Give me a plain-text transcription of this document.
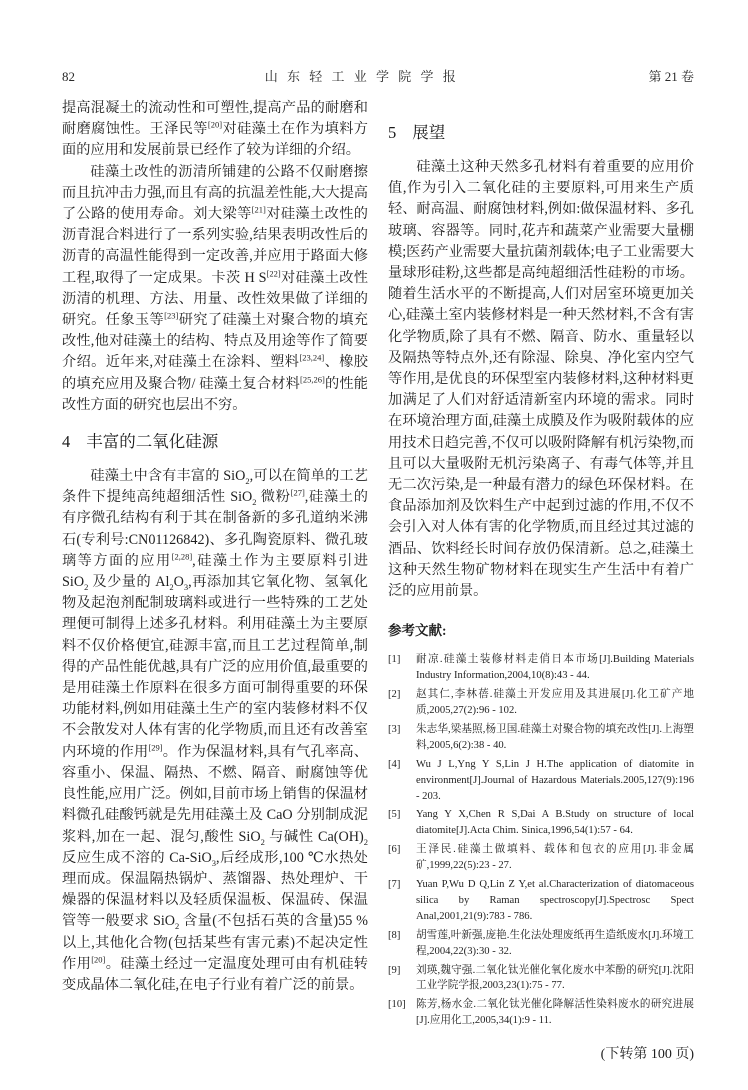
82	山 东 轻 工 业 学 院 学 报	第 21 卷

提高混凝土的流动性和可塑性,提高产品的耐磨和耐磨腐蚀性。王泽民等[20]对硅藻土在作为填料方面的应用和发展前景已经作了较为详细的介绍。

硅藻土改性的沥清所铺建的公路不仅耐磨擦而且抗冲击力强,而且有高的抗温差性能,大大提高了公路的使用寿命。刘大梁等[21]对硅藻土改性的沥青混合料进行了一系列实验,结果表明改性后的沥青的高温性能得到一定改善,并应用于路面大修工程,取得了一定成果。卡茨 H S[22]对硅藻土改性沥清的机理、方法、用量、改性效果做了详细的研究。任象玉等[23]研究了硅藻土对聚合物的填充改性,他对硅藻土的结构、特点及用途等作了简要介绍。近年来,对硅藻土在涂料、塑料[23,24]、橡胶的填充应用及聚合物/ 硅藻土复合材料[25,26]的性能改性方面的研究也层出不穷。

4 丰富的二氧化硅源

硅藻土中含有丰富的 SiO$_2$,可以在简单的工艺条件下提纯高纯超细活性 SiO$_2$ 微粉[27],硅藻土的有序微孔结构有利于其在制备新的多孔道纳米沸石(专利号:CN01126842)、多孔陶瓷原料、微孔玻璃等方面的应用[2,28],硅藻土作为主要原料引进 SiO$_2$ 及少量的 $Al_2O_3$,再添加其它氧化物、氢氧化物及起泡剂配制玻璃料或进行一些特殊的工艺处理便可制得上述多孔材料。利用硅藻土为主要原料不仅价格便宜,硅源丰富,而且工艺过程简单,制得的产品性能优越,具有广泛的应用价值,最重要的是用硅藻土作原料在很多方面可制得重要的环保功能材料,例如用硅藻土生产的室内装修材料不仅不会散发对人体有害的化学物质,而且还有改善室内环境的作用[29]。作为保温材料,具有气孔率高、容重小、保温、隔热、不燃、隔音、耐腐蚀等优良性能,应用广泛。例如,目前市场上销售的保温材料微孔硅酸钙就是先用硅藻土及 CaO 分别制成泥浆料,加在一起、混匀,酸性 SiO$_2$ 与碱性 $Ca(OH)_2$ 反应生成不溶的 Ca-SiO$_3$,后经成形,100 ℃水热处理而成。保温隔热锅炉、蒸馏器、热处理炉、干燥器的保温材料以及轻质保温板、保温砖、保温管等一般要求 SiO$_2$ 含量(不包括石英的含量)55 %以上,其他化合物(包括某些有害元素)不起决定性作用[20]。硅藻土经过一定温度处理可由有机硅转变成晶体二氧化硅,在电子行业有着广泛的前景。

5 展望

硅藻土这种天然多孔材料有着重要的应用价值,作为引入二氧化硅的主要原料,可用来生产质轻、耐高温、耐腐蚀材料,例如:做保温材料、多孔玻璃、容器等。同时,花卉和蔬菜产业需要大量棚模;医药产业需要大量抗菌剂载体;电子工业需要大量球形硅粉,这些都是高纯超细活性硅粉的市场。随着生活水平的不断提高,人们对居室环境更加关心,硅藻土室内装修材料是一种天然材料,不含有害化学物质,除了具有不燃、隔音、防水、重量轻以及隔热等特点外,还有除湿、除臭、净化室内空气等作用,是优良的环保型室内装修材料,这种材料更加满足了人们对舒适清新室内环境的需求。同时在环境治理方面,硅藻土成膜及作为吸附载体的应用技术日趋完善,不仅可以吸附降解有机污染物,而且可以大量吸附无机污染离子、有毒气体等,并且无二次污染,是一种最有潜力的绿色环保材料。在食品添加剂及饮料生产中起到过滤的作用,不仅不会引入对人体有害的化学物质,而且经过其过滤的酒品、饮料经长时间存放仍保清新。总之,硅藻土这种天然生物矿物材料在现实生产生活中有着广泛的应用前景。

参考文献:
[1]	耐凉.硅藻土装修材料走俏日本市场[J].Building Materials Industry Information,2004,10(8):43 - 44.
[2]	赵其仁,李林蓓.硅藻土开发应用及其进展[J].化工矿产地质,2005,27(2):96 - 102.
[3]	朱志华,梁基照,杨卫国.硅藻土对聚合物的填充改性[J].上海塑料,2005,6(2):38 - 40.
[4]	Wu J L,Yng Y S,Lin J H.The application of diatomite in environment[J].Journal of Hazardous Materials.2005,127(9):196 - 203.
[5]	Yang Y X,Chen R S,Dai A B.Study on structure of local diatomite[J].Acta Chim. Sinica,1996,54(1):57 - 64.
[6]	王泽民.硅藻土做填料、载体和包衣的应用[J].非金属矿,1999,22(5):23 - 27.
[7]	Yuan P,Wu D Q,Lin Z Y,et al.Characterization of diatomaceous silica by Raman spectroscopy[J].Spectrosc Spect Anal,2001,21(9):783 - 786.
[8]	胡雪莲,叶新强,庞艳.生化法处理废纸再生造纸废水[J].环境工程,2004,22(3):30 - 32.
[9]	刘瑛,魏守强.二氧化钛光催化氧化废水中苯酚的研究[J].沈阳工业学院学报,2003,23(1):75 - 77.
[10] 陈芳,杨水金.二氧化钛光催化降解活性染料废水的研究进展[J].应用化工,2005,34(1):9 - 11.
(下转第 100 页)
